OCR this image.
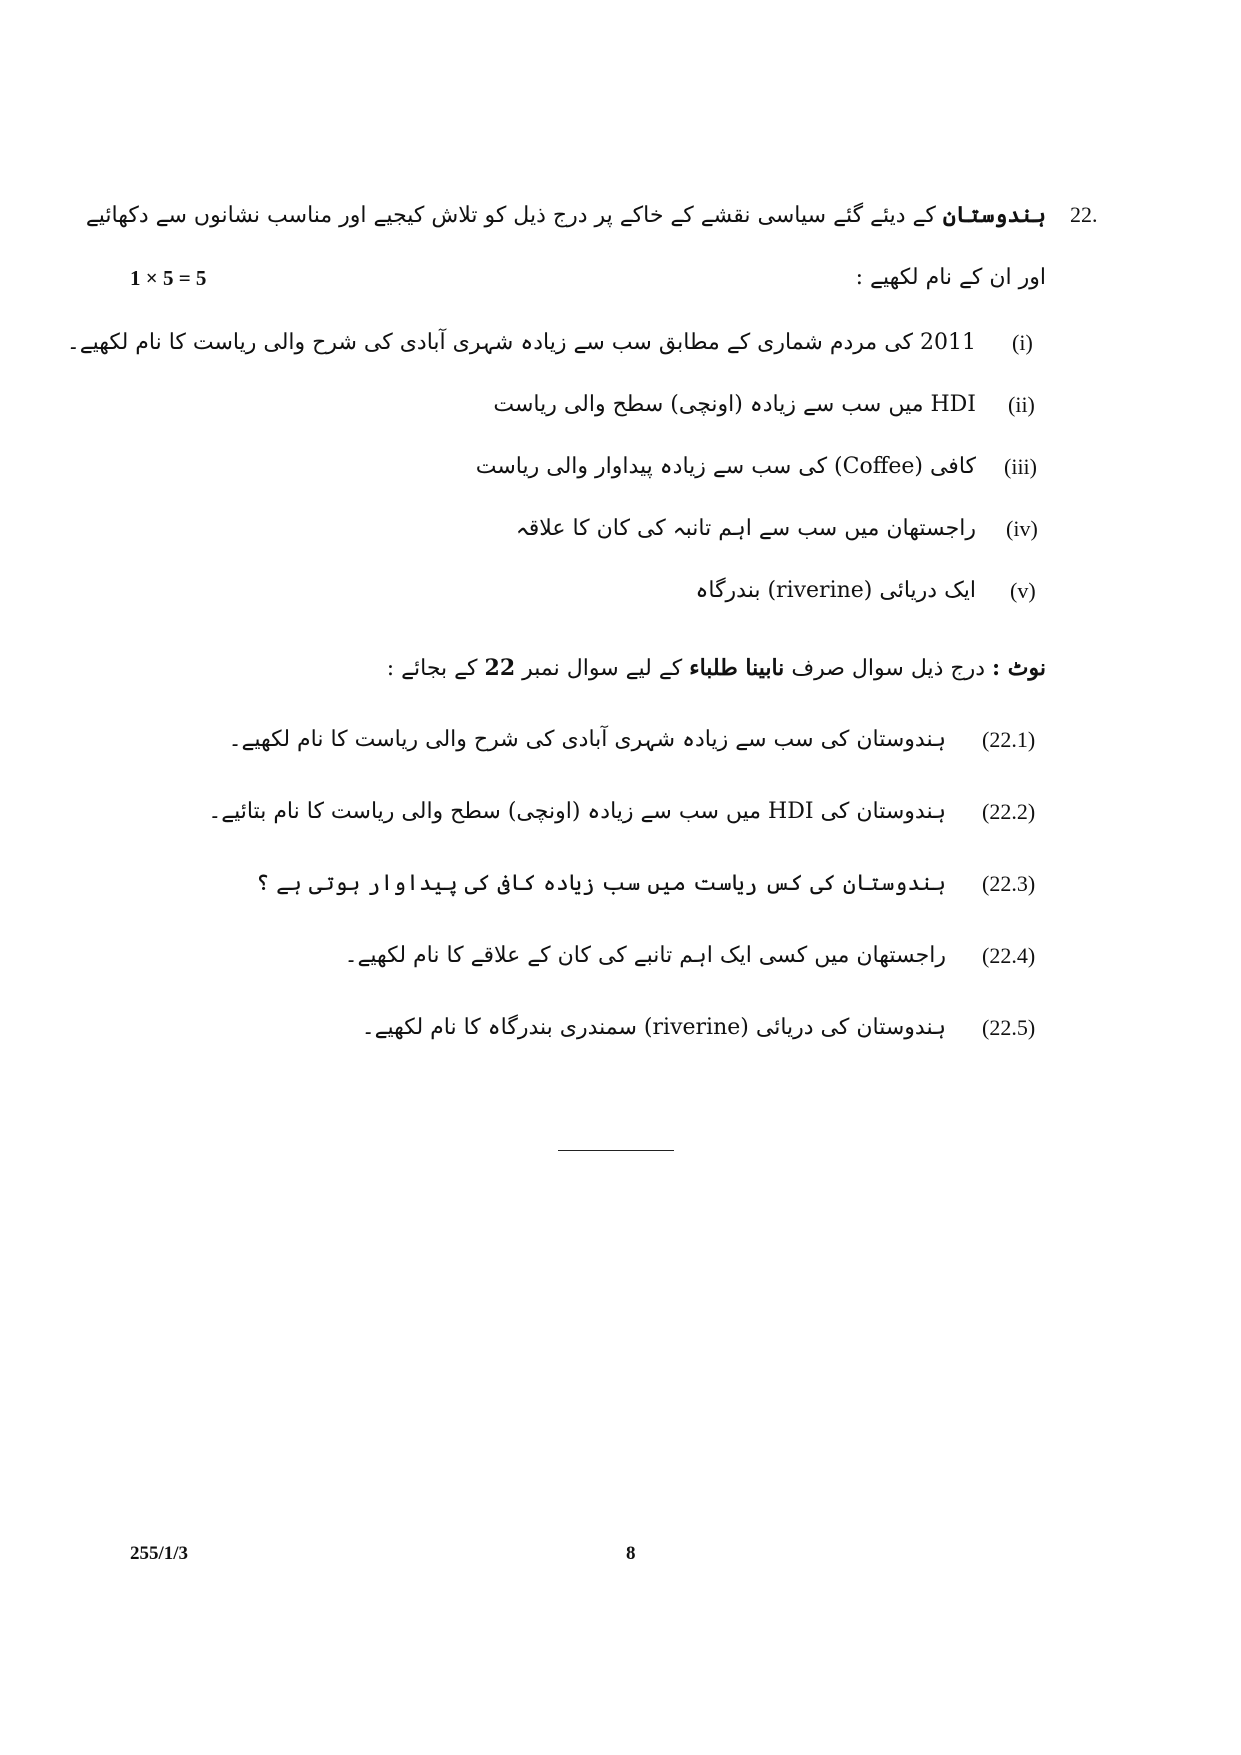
22.
ہندوستان کے دیئے گئے سیاسی نقشے کے خاکے پر درج ذیل کو تلاش کیجیے اور مناسب نشانوں سے دکھائیے
اور ان کے نام لکھیے :
1 × 5 = 5
(i)
2011 کی مردم شماری کے مطابق سب سے زیادہ شہری آبادی کی شرح والی ریاست کا نام لکھیے۔
(ii)
HDI میں سب سے زیادہ (اونچی) سطح والی ریاست
(iii)
کافی (Coffee) کی سب سے زیادہ پیداوار والی ریاست
(iv)
راجستھان میں سب سے اہم تانبہ کی کان کا علاقہ
(v)
ایک دریائی (riverine) بندرگاہ
نوٹ : درج ذیل سوال صرف نابینا طلباء کے لیے سوال نمبر 22 کے بجائے :
(22.1)
ہندوستان کی سب سے زیادہ شہری آبادی کی شرح والی ریاست کا نام لکھیے۔
(22.2)
ہندوستان کی HDI میں سب سے زیادہ (اونچی) سطح والی ریاست کا نام بتائیے۔
(22.3)
ہندوستان کی کس ریاست میں سب زیادہ کافی کی پیداوار ہوتی ہے ؟
(22.4)
راجستھان میں کسی ایک اہم تانبے کی کان کے علاقے کا نام لکھیے۔
(22.5)
ہندوستان کی دریائی (riverine) سمندری بندرگاہ کا نام لکھیے۔
255/1/3	8
